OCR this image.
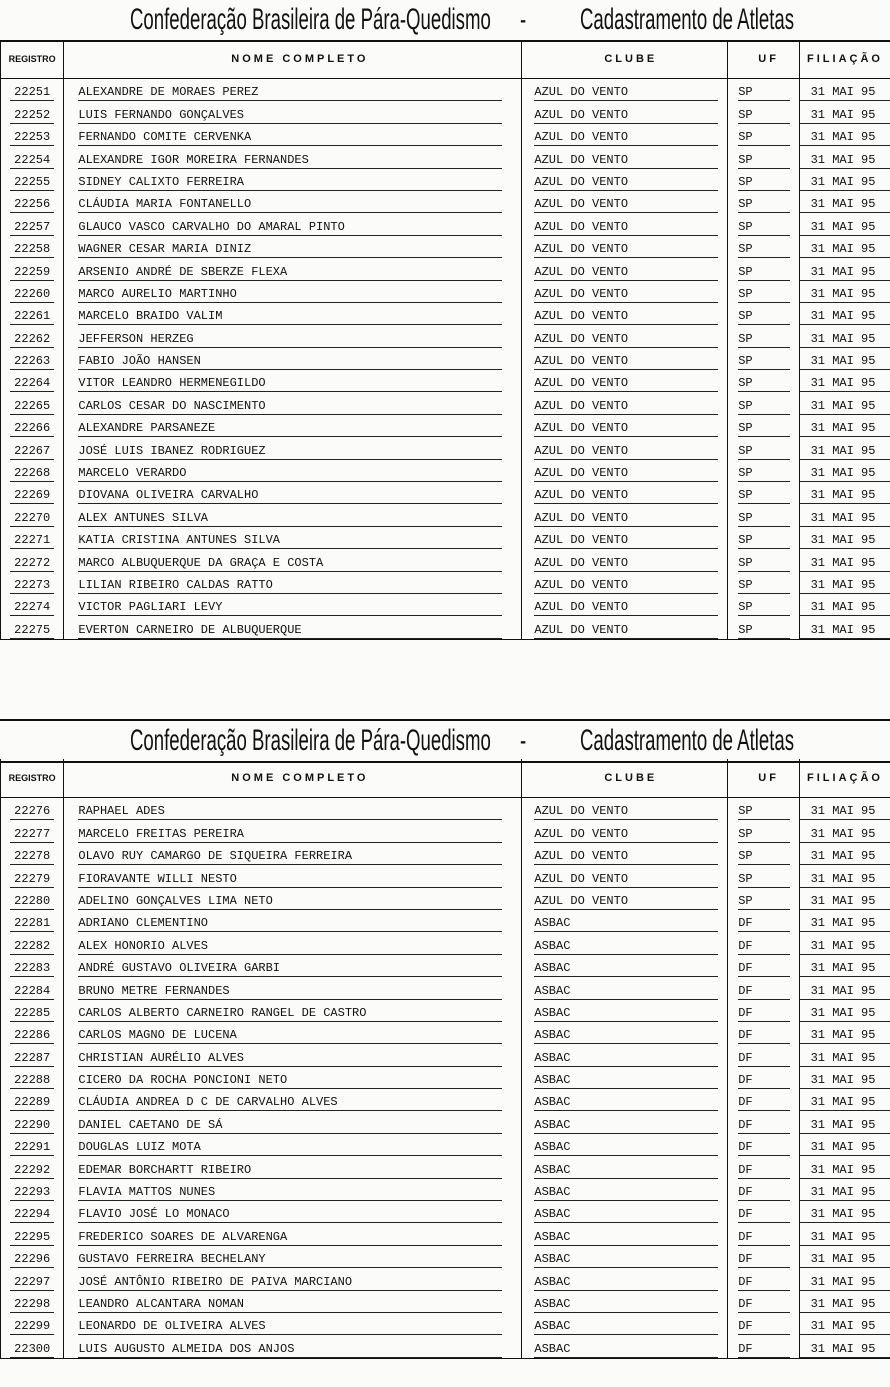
Confederação Brasileira de Pára-Quedismo - Cadastramento de Atletas
REGISTRO	NOME COMPLETO	CLUBE	UF	FILIAÇÃO
22251	ALEXANDRE DE MORAES PEREZ	AZUL DO VENTO	SP	31 MAI 95
22252	LUIS FERNANDO GONÇALVES	AZUL DO VENTO	SP	31 MAI 95
22253	FERNANDO COMITE CERVENKA	AZUL DO VENTO	SP	31 MAI 95
22254	ALEXANDRE IGOR MOREIRA FERNANDES	AZUL DO VENTO	SP	31 MAI 95
22255	SIDNEY CALIXTO FERREIRA	AZUL DO VENTO	SP	31 MAI 95
22256	CLÁUDIA MARIA FONTANELLO	AZUL DO VENTO	SP	31 MAI 95
22257	GLAUCO VASCO CARVALHO DO AMARAL PINTO	AZUL DO VENTO	SP	31 MAI 95
22258	WAGNER CESAR MARIA DINIZ	AZUL DO VENTO	SP	31 MAI 95
22259	ARSENIO ANDRÉ DE SBERZE FLEXA	AZUL DO VENTO	SP	31 MAI 95
22260	MARCO AURELIO MARTINHO	AZUL DO VENTO	SP	31 MAI 95
22261	MARCELO BRAIDO VALIM	AZUL DO VENTO	SP	31 MAI 95
22262	JEFFERSON HERZEG	AZUL DO VENTO	SP	31 MAI 95
22263	FABIO JOÃO HANSEN	AZUL DO VENTO	SP	31 MAI 95
22264	VITOR LEANDRO HERMENEGILDO	AZUL DO VENTO	SP	31 MAI 95
22265	CARLOS CESAR DO NASCIMENTO	AZUL DO VENTO	SP	31 MAI 95
22266	ALEXANDRE PARSANEZE	AZUL DO VENTO	SP	31 MAI 95
22267	JOSÉ LUIS IBANEZ RODRIGUEZ	AZUL DO VENTO	SP	31 MAI 95
22268	MARCELO VERARDO	AZUL DO VENTO	SP	31 MAI 95
22269	DIOVANA OLIVEIRA CARVALHO	AZUL DO VENTO	SP	31 MAI 95
22270	ALEX ANTUNES SILVA	AZUL DO VENTO	SP	31 MAI 95
22271	KATIA CRISTINA ANTUNES SILVA	AZUL DO VENTO	SP	31 MAI 95
22272	MARCO ALBUQUERQUE DA GRAÇA E COSTA	AZUL DO VENTO	SP	31 MAI 95
22273	LILIAN RIBEIRO CALDAS RATTO	AZUL DO VENTO	SP	31 MAI 95
22274	VICTOR PAGLIARI LEVY	AZUL DO VENTO	SP	31 MAI 95
22275	EVERTON CARNEIRO DE ALBUQUERQUE	AZUL DO VENTO	SP	31 MAI 95
Confederação Brasileira de Pára-Quedismo - Cadastramento de Atletas
REGISTRO	NOME COMPLETO	CLUBE	UF	FILIAÇÃO
22276	RAPHAEL ADES	AZUL DO VENTO	SP	31 MAI 95
22277	MARCELO FREITAS PEREIRA	AZUL DO VENTO	SP	31 MAI 95
22278	OLAVO RUY CAMARGO DE SIQUEIRA FERREIRA	AZUL DO VENTO	SP	31 MAI 95
22279	FIORAVANTE WILLI NESTO	AZUL DO VENTO	SP	31 MAI 95
22280	ADELINO GONÇALVES LIMA NETO	AZUL DO VENTO	SP	31 MAI 95
22281	ADRIANO CLEMENTINO	ASBAC	DF	31 MAI 95
22282	ALEX HONORIO ALVES	ASBAC	DF	31 MAI 95
22283	ANDRÉ GUSTAVO OLIVEIRA GARBI	ASBAC	DF	31 MAI 95
22284	BRUNO METRE FERNANDES	ASBAC	DF	31 MAI 95
22285	CARLOS ALBERTO CARNEIRO RANGEL DE CASTRO	ASBAC	DF	31 MAI 95
22286	CARLOS MAGNO DE LUCENA	ASBAC	DF	31 MAI 95
22287	CHRISTIAN AURÉLIO ALVES	ASBAC	DF	31 MAI 95
22288	CICERO DA ROCHA PONCIONI NETO	ASBAC	DF	31 MAI 95
22289	CLÁUDIA ANDREA D C DE CARVALHO ALVES	ASBAC	DF	31 MAI 95
22290	DANIEL CAETANO DE SÁ	ASBAC	DF	31 MAI 95
22291	DOUGLAS LUIZ MOTA	ASBAC	DF	31 MAI 95
22292	EDEMAR BORCHARTT RIBEIRO	ASBAC	DF	31 MAI 95
22293	FLAVIA MATTOS NUNES	ASBAC	DF	31 MAI 95
22294	FLAVIO JOSÉ LO MONACO	ASBAC	DF	31 MAI 95
22295	FREDERICO SOARES DE ALVARENGA	ASBAC	DF	31 MAI 95
22296	GUSTAVO FERREIRA BECHELANY	ASBAC	DF	31 MAI 95
22297	JOSÉ ANTÔNIO RIBEIRO DE PAIVA MARCIANO	ASBAC	DF	31 MAI 95
22298	LEANDRO ALCANTARA NOMAN	ASBAC	DF	31 MAI 95
22299	LEONARDO DE OLIVEIRA ALVES	ASBAC	DF	31 MAI 95
22300	LUIS AUGUSTO ALMEIDA DOS ANJOS	ASBAC	DF	31 MAI 95
